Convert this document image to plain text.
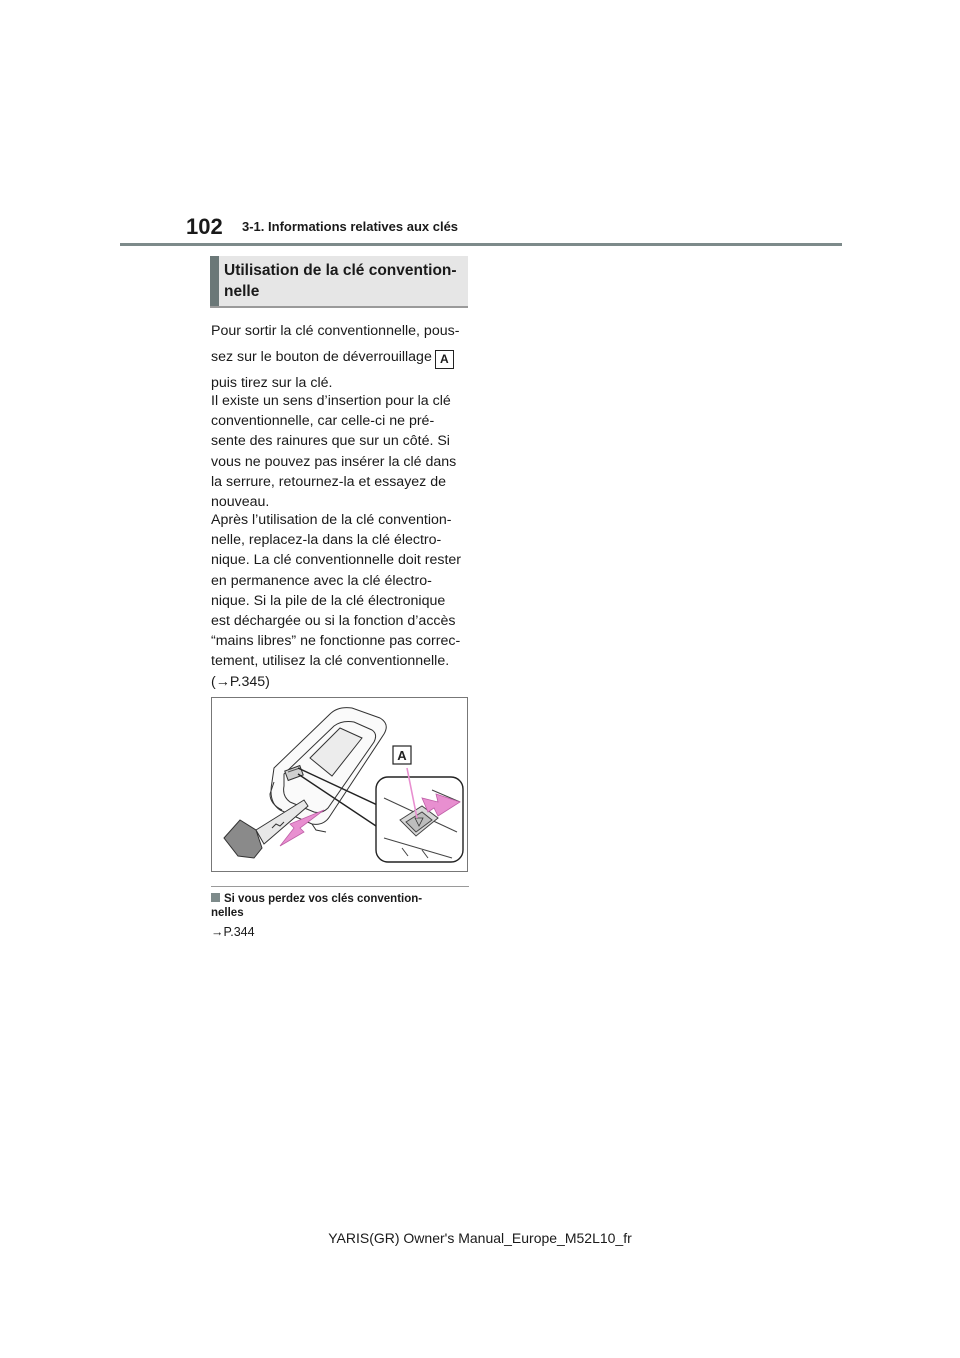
102 3-1. Informations relatives aux clés
Utilisation de la clé convention-
nelle
Pour sortir la clé conventionnelle, pous-
sez sur le bouton de déverrouillage A
puis tirez sur la clé.

Il existe un sens d’insertion pour la clé

conventionnelle, car celle-ci ne pré-

sente des rainures que sur un côté. Si

vous ne pouvez pas insérer la clé dans

la serrure, retournez-la et essayez de

nouveau.

Après l’utilisation de la clé convention-

nelle, replacez-la dans la clé électro-

nique. La clé conventionnelle doit rester

en permanence avec la clé électro-

nique. Si la pile de la clé électronique

est déchargée ou si la fonction d’accès

“mains libres” ne fonctionne pas correc-

tement, utilisez la clé conventionnelle.

(→P.345)

A
Si vous perdez vos clés convention-
nelles
→P.344
YARIS(GR) Owner's Manual_Europe_M52L10_fr
